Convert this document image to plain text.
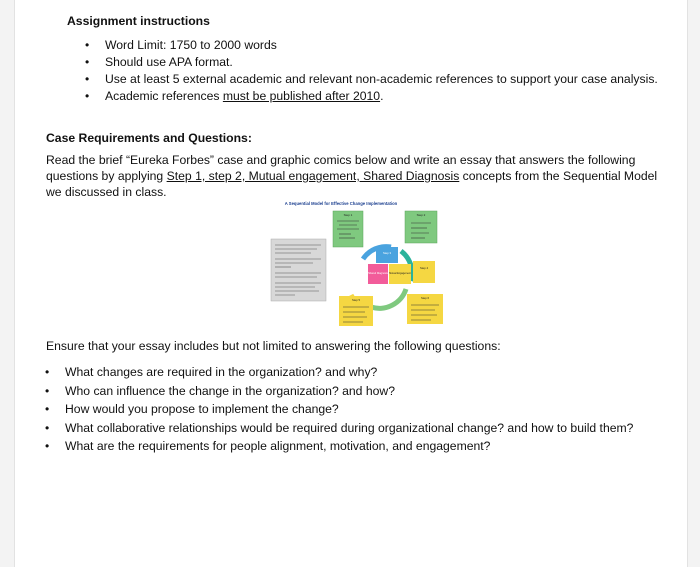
Assignment instructions
• Word Limit: 1750 to 2000 words
• Should use APA format.
• Use at least 5 external academic and relevant non-academic references to support your case analysis.
• Academic references must be published after 2010.
Case Requirements and Questions:
Read the brief “Eureka Forbes” case and graphic comics below and write an essay that answers the following questions by applying Step 1, step 2, Mutual engagement, Shared Diagnosis concepts from the Sequential Model we discussed in class.
A Sequential Model for Effective Change Implementation
Step 1	Step 2
Step 3
Step 4
Shared Diagnosis Mutual Engagement
Step 5	Step 6
Ensure that your essay includes but not limited to answering the following questions:
• What changes are required in the organization? and why?
• Who can influence the change in the organization? and how?
• How would you propose to implement the change?
• What collaborative relationships would be required during organizational change? and how to build them?
• What are the requirements for people alignment, motivation, and engagement?
